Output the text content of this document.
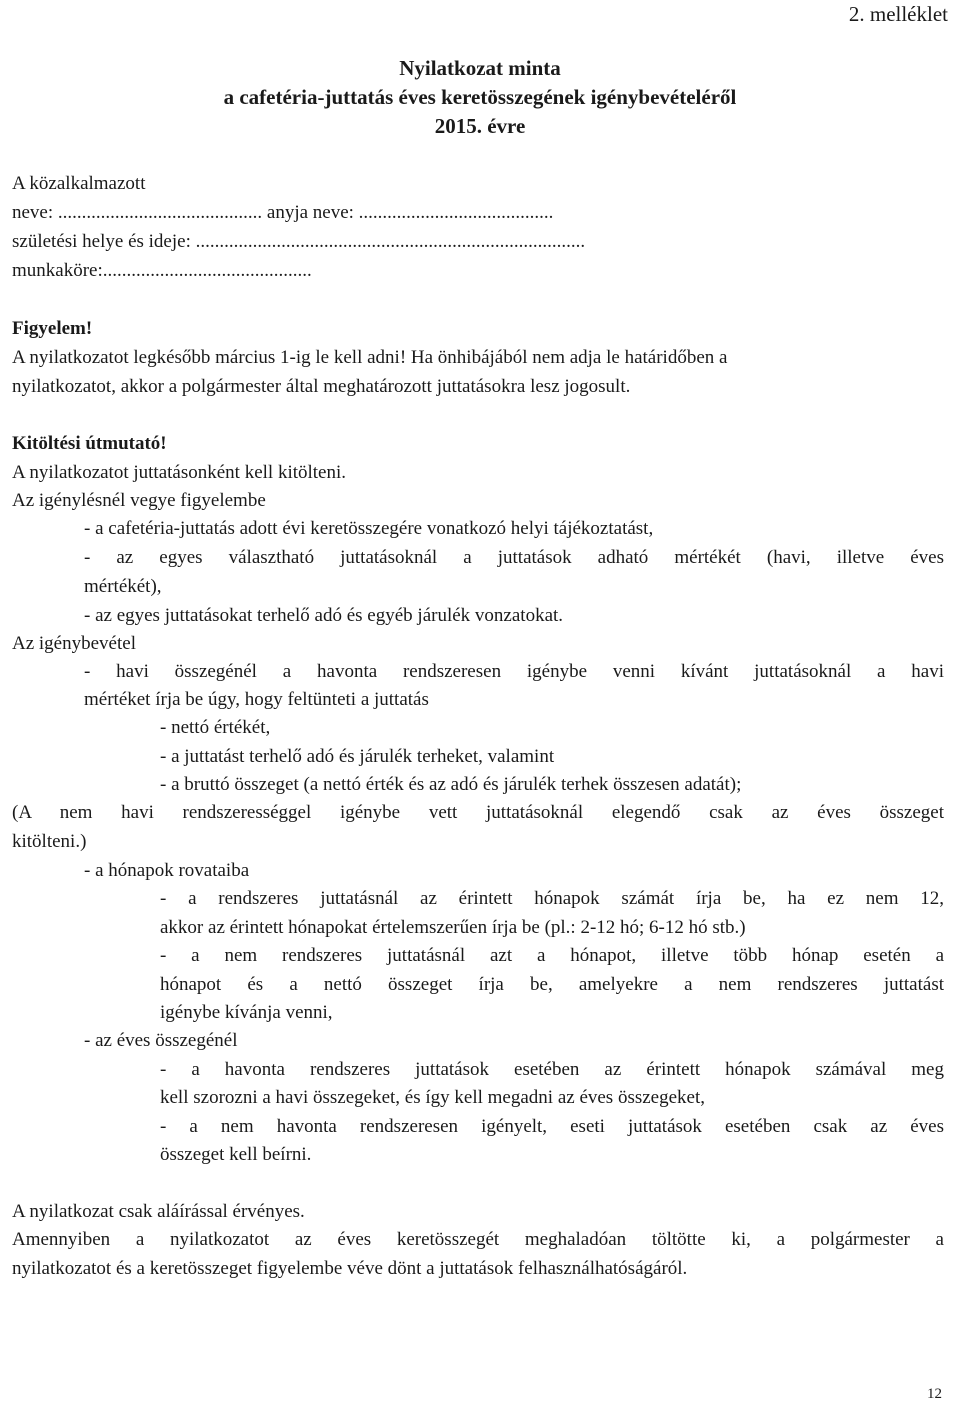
2. melléklet
Nyilatkozat minta
a cafetéria-juttatás éves keretösszegének igénybevételéről
2015. évre
A közalkalmazott
neve: ........................................... anyja neve: .........................................
születési helye és ideje: ..................................................................................
munkaköre:............................................
Figyelem!
A nyilatkozatot legkésőbb március 1-ig le kell adni! Ha önhibájából nem adja le határidőben a
nyilatkozatot, akkor a polgármester által meghatározott juttatásokra lesz jogosult.
Kitöltési útmutató!
A nyilatkozatot juttatásonként kell kitölteni.
Az igénylésnél vegye figyelembe
- a cafetéria-juttatás adott évi keretösszegére vonatkozó helyi tájékoztatást,
- az egyes választható juttatásoknál a juttatások adható mértékét (havi, illetve éves
mértékét),
- az egyes juttatásokat terhelő adó és egyéb járulék vonzatokat.
Az igénybevétel
- havi összegénél a havonta rendszeresen igénybe venni kívánt juttatásoknál a havi
mértéket írja be úgy, hogy feltünteti a juttatás
- nettó értékét,
- a juttatást terhelő adó és járulék terheket, valamint
- a bruttó összeget (a nettó érték és az adó és járulék terhek összesen adatát);
(A nem havi rendszerességgel igénybe vett juttatásoknál elegendő csak az éves összeget
kitölteni.)
- a hónapok rovataiba
- a rendszeres juttatásnál az érintett hónapok számát írja be, ha ez nem 12,
akkor az érintett hónapokat értelemszerűen írja be (pl.: 2-12 hó; 6-12 hó stb.)
- a nem rendszeres juttatásnál azt a hónapot, illetve több hónap esetén a
hónapot és a nettó összeget írja be, amelyekre a nem rendszeres juttatást
igénybe kívánja venni,
- az éves összegénél
- a havonta rendszeres juttatások esetében az érintett hónapok számával meg
kell szorozni a havi összegeket, és így kell megadni az éves összegeket,
- a nem havonta rendszeresen igényelt, eseti juttatások esetében csak az éves
összeget kell beírni.
A nyilatkozat csak aláírással érvényes.
Amennyiben a nyilatkozatot az éves keretösszegét meghaladóan töltötte ki, a polgármester a
nyilatkozatot és a keretösszeget figyelembe véve dönt a juttatások felhasználhatóságáról.
12
